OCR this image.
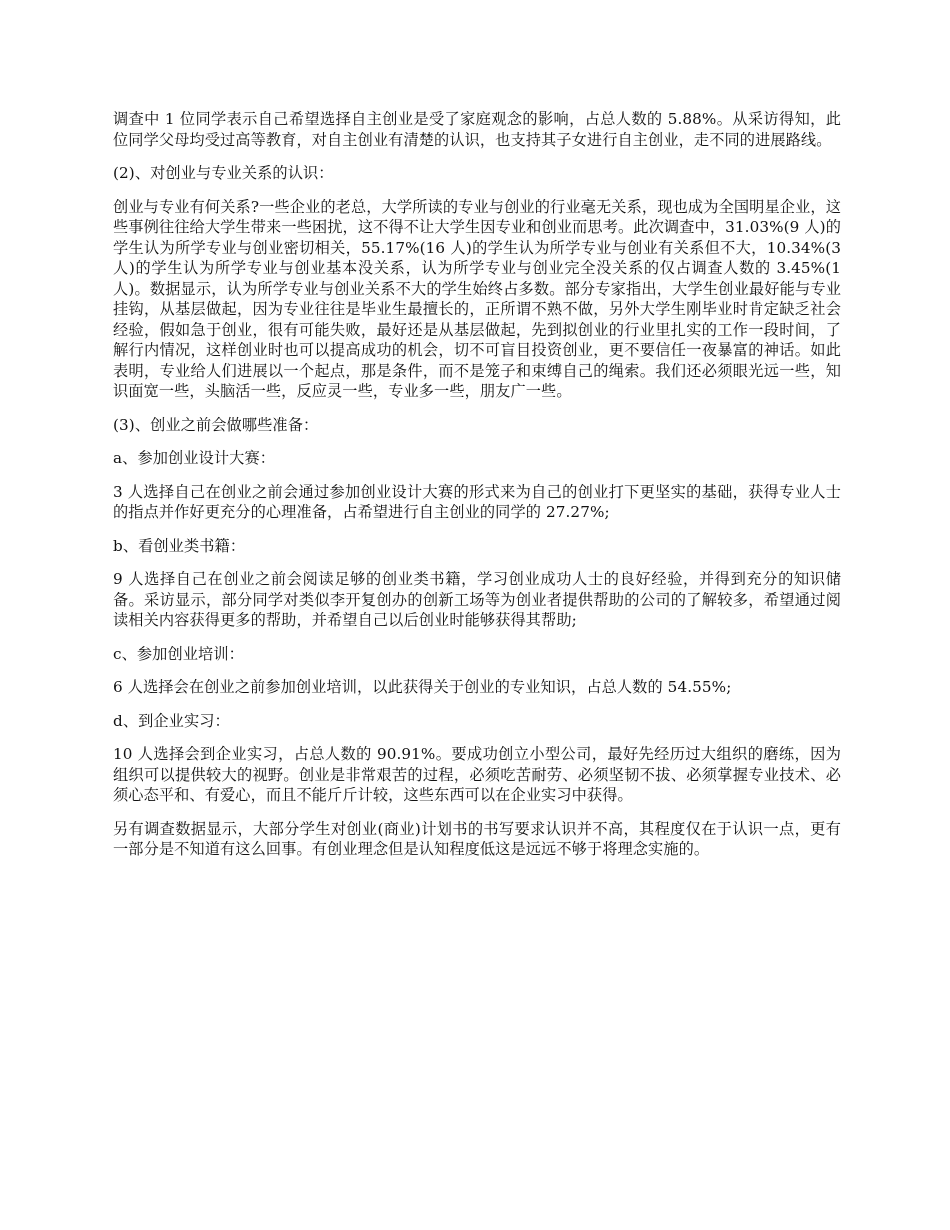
调查中 1 位同学表示自己希望选择自主创业是受了家庭观念的影响，占总人数的 5.88%。从采访得知，此位同学父母均受过高等教育，对自主创业有清楚的认识，也支持其子女进行自主创业，走不同的进展路线。

(2)、对创业与专业关系的认识：

创业与专业有何关系?一些企业的老总，大学所读的专业与创业的行业毫无关系，现也成为全国明星企业，这些事例往往给大学生带来一些困扰，这不得不让大学生因专业和创业而思考。此次调查中，31.03%(9 人)的学生认为所学专业与创业密切相关，55.17%(16 人)的学生认为所学专业与创业有关系但不大，10.34%(3 人)的学生认为所学专业与创业基本没关系，认为所学专业与创业完全没关系的仅占调查人数的 3.45%(1 人)。数据显示，认为所学专业与创业关系不大的学生始终占多数。部分专家指出，大学生创业最好能与专业挂钩，从基层做起，因为专业往往是毕业生最擅长的，正所谓不熟不做，另外大学生刚毕业时肯定缺乏社会经验，假如急于创业，很有可能失败，最好还是从基层做起，先到拟创业的行业里扎实的工作一段时间，了解行内情况，这样创业时也可以提高成功的机会，切不可盲目投资创业，更不要信任一夜暴富的神话。如此表明，专业给人们进展以一个起点，那是条件，而不是笼子和束缚自己的绳索。我们还必须眼光远一些，知识面宽一些，头脑活一些，反应灵一些，专业多一些，朋友广一些。

(3)、创业之前会做哪些准备：

a、参加创业设计大赛：

3 人选择自己在创业之前会通过参加创业设计大赛的形式来为自己的创业打下更坚实的基础，获得专业人士的指点并作好更充分的心理准备，占希望进行自主创业的同学的 27.27%;

b、看创业类书籍：

9 人选择自己在创业之前会阅读足够的创业类书籍，学习创业成功人士的良好经验，并得到充分的知识储备。采访显示，部分同学对类似李开复创办的创新工场等为创业者提供帮助的公司的了解较多，希望通过阅读相关内容获得更多的帮助，并希望自己以后创业时能够获得其帮助;

c、参加创业培训：

6 人选择会在创业之前参加创业培训，以此获得关于创业的专业知识，占总人数的 54.55%;

d、到企业实习：

10 人选择会到企业实习，占总人数的 90.91%。要成功创立小型公司，最好先经历过大组织的磨练，因为组织可以提供较大的视野。创业是非常艰苦的过程，必须吃苦耐劳、必须坚韧不拔、必须掌握专业技术、必须心态平和、有爱心，而且不能斤斤计较，这些东西可以在企业实习中获得。

另有调查数据显示，大部分学生对创业(商业)计划书的书写要求认识并不高，其程度仅在于认识一点，更有一部分是不知道有这么回事。有创业理念但是认知程度低这是远远不够于将理念实施的。
